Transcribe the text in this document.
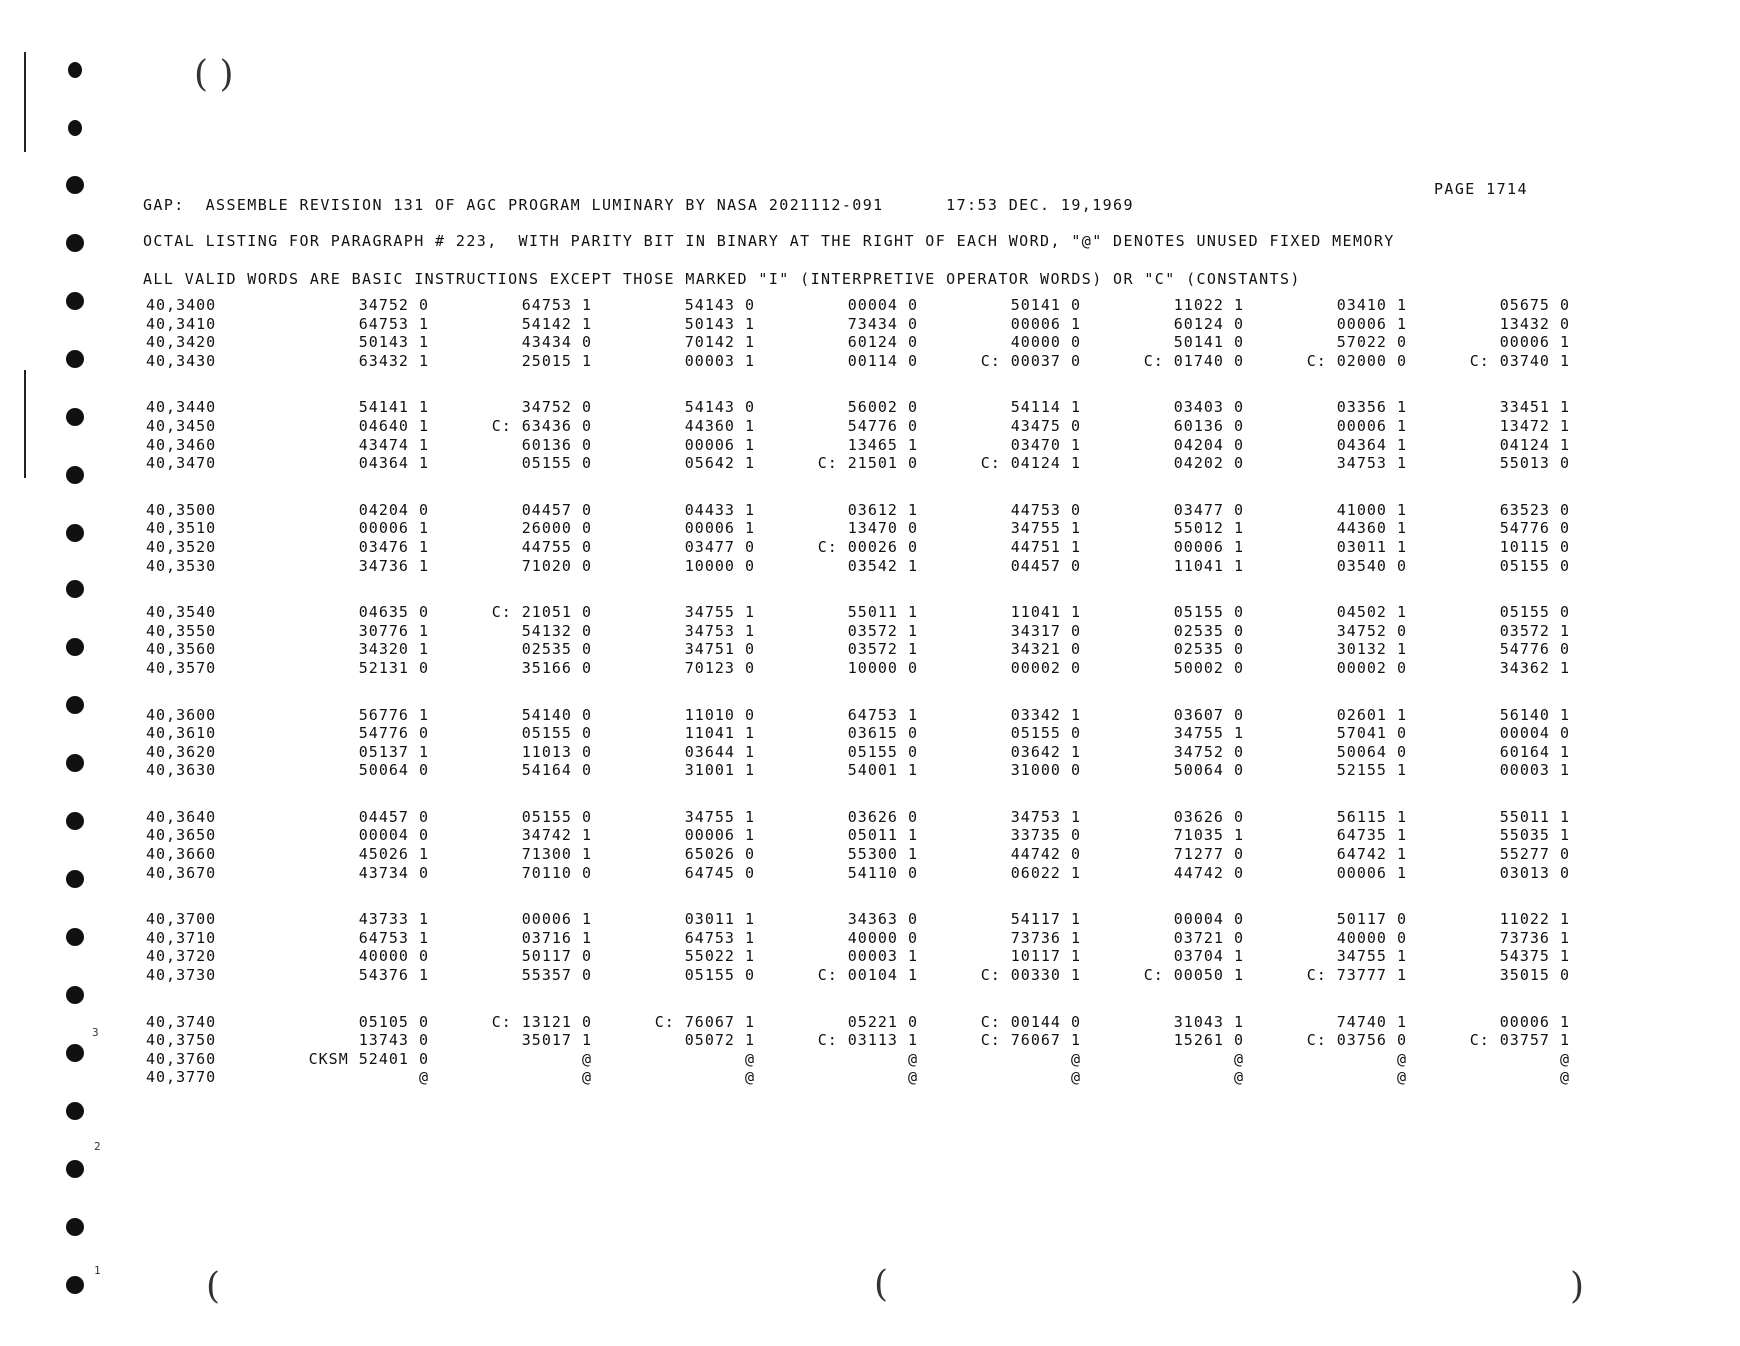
3
2
1
( )
(	(	)
GAP:  ASSEMBLE REVISION 131 OF AGC PROGRAM LUMINARY BY NASA 2021112-091      17:53 DEC. 19,1969
PAGE 1714
OCTAL LISTING FOR PARAGRAPH # 223,  WITH PARITY BIT IN BINARY AT THE RIGHT OF EACH WORD, "@" DENOTES UNUSED FIXED MEMORY
ALL VALID WORDS ARE BASIC INSTRUCTIONS EXCEPT THOSE MARKED "I" (INTERPRETIVE OPERATOR WORDS) OR "C" (CONSTANTS)
40,3400	34752 0	64753 1	54143 0	00004 0	50141 0	11022 1	03410 1	05675 0
40,3410	64753 1	54142 1	50143 1	73434 0	00006 1	60124 0	00006 1	13432 0
40,3420	50143 1	43434 0	70142 1	60124 0	40000 0	50141 0	57022 0	00006 1
40,3430	63432 1	25015 1	00003 1	00114 0	C: 00037 0	C: 01740 0	C: 02000 0	C: 03740 1
40,3440	54141 1	34752 0	54143 0	56002 0	54114 1	03403 0	03356 1	33451 1
40,3450	04640 1	C: 63436 0	44360 1	54776 0	43475 0	60136 0	00006 1	13472 1
40,3460	43474 1	60136 0	00006 1	13465 1	03470 1	04204 0	04364 1	04124 1
40,3470	04364 1	05155 0	05642 1	C: 21501 0	C: 04124 1	04202 0	34753 1	55013 0
40,3500	04204 0	04457 0	04433 1	03612 1	44753 0	03477 0	41000 1	63523 0
40,3510	00006 1	26000 0	00006 1	13470 0	34755 1	55012 1	44360 1	54776 0
40,3520	03476 1	44755 0	03477 0	C: 00026 0	44751 1	00006 1	03011 1	10115 0
40,3530	34736 1	71020 0	10000 0	03542 1	04457 0	11041 1	03540 0	05155 0
40,3540	04635 0	C: 21051 0	34755 1	55011 1	11041 1	05155 0	04502 1	05155 0
40,3550	30776 1	54132 0	34753 1	03572 1	34317 0	02535 0	34752 0	03572 1
40,3560	34320 1	02535 0	34751 0	03572 1	34321 0	02535 0	30132 1	54776 0
40,3570	52131 0	35166 0	70123 0	10000 0	00002 0	50002 0	00002 0	34362 1
40,3600	56776 1	54140 0	11010 0	64753 1	03342 1	03607 0	02601 1	56140 1
40,3610	54776 0	05155 0	11041 1	03615 0	05155 0	34755 1	57041 0	00004 0
40,3620	05137 1	11013 0	03644 1	05155 0	03642 1	34752 0	50064 0	60164 1
40,3630	50064 0	54164 0	31001 1	54001 1	31000 0	50064 0	52155 1	00003 1
40,3640	04457 0	05155 0	34755 1	03626 0	34753 1	03626 0	56115 1	55011 1
40,3650	00004 0	34742 1	00006 1	05011 1	33735 0	71035 1	64735 1	55035 1
40,3660	45026 1	71300 1	65026 0	55300 1	44742 0	71277 0	64742 1	55277 0
40,3670	43734 0	70110 0	64745 0	54110 0	06022 1	44742 0	00006 1	03013 0
40,3700	43733 1	00006 1	03011 1	34363 0	54117 1	00004 0	50117 0	11022 1
40,3710	64753 1	03716 1	64753 1	40000 0	73736 1	03721 0	40000 0	73736 1
40,3720	40000 0	50117 0	55022 1	00003 1	10117 1	03704 1	34755 1	54375 1
40,3730	54376 1	55357 0	05155 0	C: 00104 1	C: 00330 1	C: 00050 1	C: 73777 1	35015 0
40,3740	05105 0	C: 13121 0	C: 76067 1	05221 0	C: 00144 0	31043 1	74740 1	00006 1
40,3750	13743 0	35017 1	05072 1	C: 03113 1	C: 76067 1	15261 0	C: 03756 0	C: 03757 1
40,3760	CKSM 52401 0	@	@	@	@	@	@	@
40,3770	@	@	@	@	@	@	@	@
